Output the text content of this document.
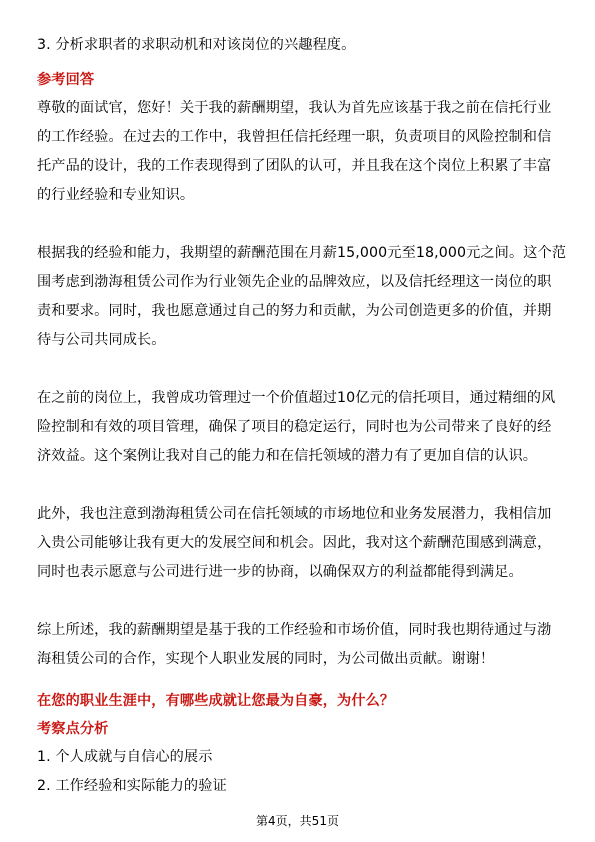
3. 分析求职者的求职动机和对该岗位的兴趣程度。
参考回答
尊敬的面试官，您好！关于我的薪酬期望，我认为首先应该基于我之前在信托行业
的工作经验。在过去的工作中，我曾担任信托经理一职，负责项目的风险控制和信
托产品的设计，我的工作表现得到了团队的认可，并且我在这个岗位上积累了丰富
的行业经验和专业知识。
根据我的经验和能力，我期望的薪酬范围在月薪15,000元至18,000元之间。这个范
围考虑到渤海租赁公司作为行业领先企业的品牌效应，以及信托经理这一岗位的职
责和要求。同时，我也愿意通过自己的努力和贡献，为公司创造更多的价值，并期
待与公司共同成长。
在之前的岗位上，我曾成功管理过一个价值超过10亿元的信托项目，通过精细的风
险控制和有效的项目管理，确保了项目的稳定运行，同时也为公司带来了良好的经
济效益。这个案例让我对自己的能力和在信托领域的潜力有了更加自信的认识。
此外，我也注意到渤海租赁公司在信托领域的市场地位和业务发展潜力，我相信加
入贵公司能够让我有更大的发展空间和机会。因此，我对这个薪酬范围感到满意，
同时也表示愿意与公司进行进一步的协商，以确保双方的利益都能得到满足。
综上所述，我的薪酬期望是基于我的工作经验和市场价值，同时我也期待通过与渤
海租赁公司的合作，实现个人职业发展的同时，为公司做出贡献。谢谢！
在您的职业生涯中，有哪些成就让您最为自豪，为什么？
考察点分析
1. 个人成就与自信心的展示
2. 工作经验和实际能力的验证
第4页，共51页
